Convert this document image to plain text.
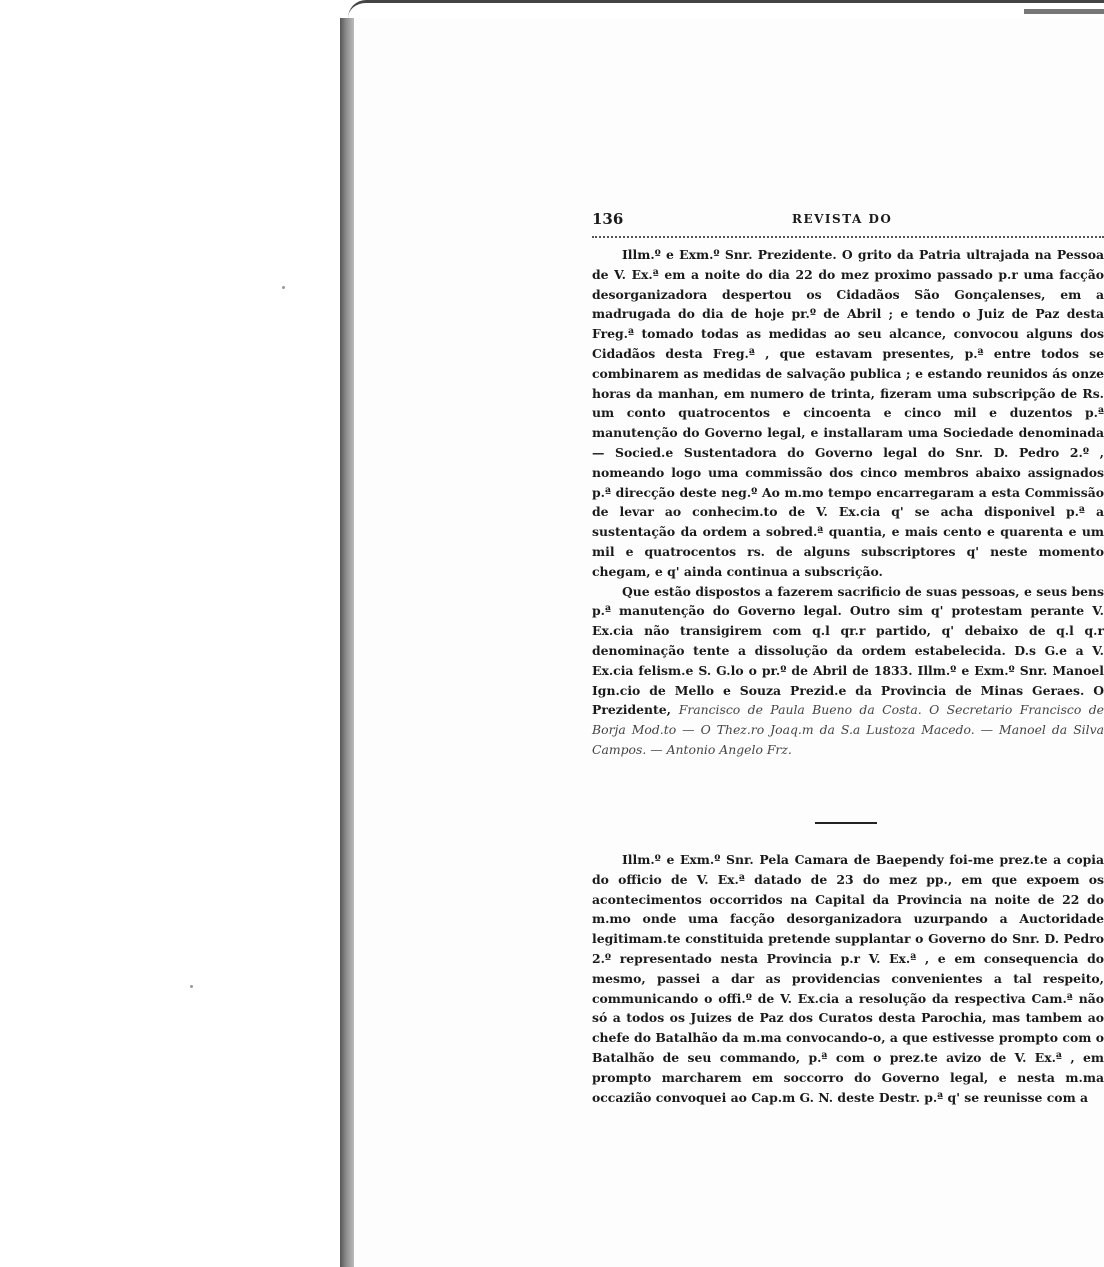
136	REVISTA DO

Illm.º e Exm.º Snr. Prezidente. O grito da Patria ultrajada na Pessoa de V. Ex.ª em a noite do dia 22 do mez proximo passado p.r uma facção desorganizadora despertou os Cidadãos São Gonçalenses, em a madrugada do dia de hoje pr.º de Abril ; e tendo o Juiz de Paz desta Freg.ª tomado todas as medidas ao seu alcance, convocou alguns dos Cidadãos desta Freg.ª , que estavam presentes, p.ª entre todos se combinarem as medidas de salvação publica ; e estando reunidos ás onze horas da manhan, em numero de trinta, fizeram uma subscripção de Rs. um conto quatrocentos e cincoenta e cinco mil e duzentos p.ª manutenção do Governo legal, e installaram uma Sociedade denominada — Socied.e Sustentadora do Governo legal do Snr. D. Pedro 2.º , nomeando logo uma commissão dos cinco membros abaixo assignados p.ª direcção deste neg.º Ao m.mo tempo encarregaram a esta Commissão de levar ao conhecim.to de V. Ex.cia q' se acha disponivel p.ª a sustentação da ordem a sobred.ª quantia, e mais cento e quarenta e um mil e quatrocentos rs. de alguns subscriptores q' neste momento chegam, e q' ainda continua a subscrição.

Que estão dispostos a fazerem sacrificio de suas pessoas, e seus bens p.ª manutenção do Governo legal. Outro sim q' protestam perante V. Ex.cia não transigirem com q.l qr.r partido, q' debaixo de q.l q.r denominação tente a dissolução da ordem estabelecida. D.s G.e a V. Ex.cia felism.e S. G.lo o pr.º de Abril de 1833. Illm.º e Exm.º Snr. Manoel Ign.cio de Mello e Souza Prezid.e da Provincia de Minas Geraes. O Prezidente, Francisco de Paula Bueno da Costa. O Secretario Francisco de Borja Mod.to — O Thez.ro Joaq.m da S.a Lustoza Macedo. — Manoel da Silva Campos. — Antonio Angelo Frz.

Illm.º e Exm.º Snr. Pela Camara de Baependy foi-me prez.te a copia do officio de V. Ex.ª datado de 23 do mez pp., em que expoem os acontecimentos occorridos na Capital da Provincia na noite de 22 do m.mo onde uma facção desorganizadora uzurpando a Auctoridade legitimam.te constituida pretende supplantar o Governo do Snr. D. Pedro 2.º representado nesta Provincia p.r V. Ex.ª , e em consequencia do mesmo, passei a dar as providencias convenientes a tal respeito, communicando o offi.º de V. Ex.cia a resolução da respectiva Cam.ª não só a todos os Juizes de Paz dos Curatos desta Parochia, mas tambem ao chefe do Batalhão da m.ma convocando-o, a que estivesse prompto com o Batalhão de seu commando, p.ª com o prez.te avizo de V. Ex.ª , em prompto marcharem em soccorro do Governo legal, e nesta m.ma occazião convoquei ao Cap.m G. N. deste Destr. p.ª q' se reunisse com a
